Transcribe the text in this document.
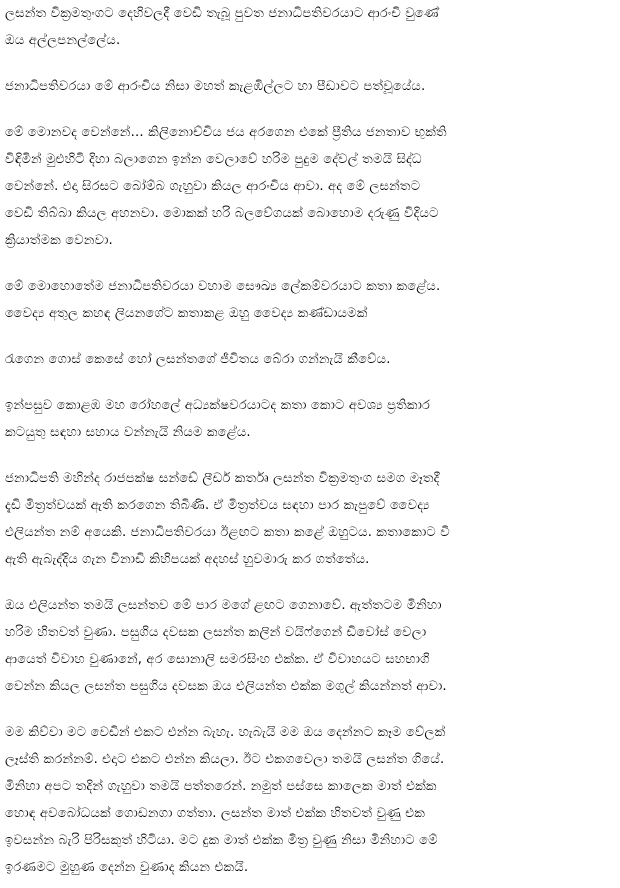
ලසන්ත වික්‍රමතුංගට දෙහිවලදී වෙඩි තැබූ පුවත ජනාධිපතිවරයාට ආරංචි වුණේ
ඔය අල්ලපනල්ලේය.
ජනාධිපතිවරයා මේ ආරංචිය නිසා මහත් කැළඹිල්ලට හා පීඩාවට පත්වූයේය.
මේ මොනවද වෙන්නේ… කිලිනොච්චිය ජය අරගෙන එකේ ප්‍රීතිය ජනතාව භුක්ති
විඳිමින් මුළුහිටි දිහා බලාගෙන ඉන්න වෙලාවේ හරිම පුදුම දේවල් තමයි සිද්ධ
වෙන්නේ. එදා සිරසට බෝම්බ ගැහුවා කියල ආරංචිය ආවා. අද මේ ලසන්තට
වෙඩි තිබ්බා කියල අහනවා. මොකක් හරි බලවේගයක් බොහොම දරුණු විදියට
ක්‍රියාත්මක වෙනවා.
මේ මොහොතේම ජනාධිපතිවරයා වහාම සෞඛ්‍ය ලේකම්වරයාට කතා කළේය.
වෛද්‍ය අතුල කහඳ ලියනගේට කතාකළ ඔහු වෛද්‍ය කණ්ඩායමක්
රැගෙන ගොස් කෙසේ හෝ ලසන්තගේ ජීවිතය බේරා ගන්නැයි කීවේය.
ඉන්පසුව කොළඹ මහ රෝහලේ අධ්‍යක්ෂවරයාටද කතා කොට අවශ්‍ය ප්‍රතිකාර
කටයුතු සඳහා සහාය වන්නැයි නියම කළේය.
ජනාධිපති මහින්ද රාජපක්ෂ සන්ඩේ ලීඩර් කර්තෘ ලසන්ත වික්‍රමතුංග සමග මෑතදී
දැඩි මිත්‍රත්වයක් ඇති කරගෙන තිබිණි. ඒ මිත්‍රත්වය සඳහා පාර කැපුවේ වෛද්‍ය
එලියන්ත නම් අයෙකි. ජනාධිපතිවරයා ඊළඟට කතා කළේ ඔහුටය. කතාකොට වී
ඇති ඇබැද්දිය ගැන විනාඩි කිහිපයක් අදහස් හුවමාරු කර ගත්තේය.
ඔය එලියන්ත තමයි ලසන්තව මේ පාර මගේ ළඟට ගෙනාවේ. ඇත්තටම මිනිහා
හරිම හිතවත් වුණා. පසුගිය දවසක ලසන්ත කලින් වයිෆ්ගෙන් ඩිවෝස් වෙලා
ආයෙත් විවාහ වුණානේ, අර සොනාලි සමරසිංහ එක්ක. ඒ විවාහයට සහභාගි
වෙන්න කියල ලසන්ත පසුගිය දවසක ඔය එලියන්ත එක්ක මගුල් කියන්නත් ආවා.
මම කිව්වා මට වෙඩින් එකට එන්න බැහැ. හැබැයි මම ඔය දෙන්නට කෑම වේලක්
ලෑස්ති කරන්නම්. එදාට එකට එන්න කියලා. ඊට එකගවෙලා තමයි ලසන්ත ගියේ.
මිනිහා අපට තදින් ගැහුවා තමයි පත්තරෙන්. නමුත් පස්සෙ කාලෙක මාත් එක්ක
හොඳ අවබෝධයක් ගොඩනගා ගත්තා. ලසන්ත මාත් එක්ක හිතවත් වුණු එක
ඉවසන්න බැරි පිරිසකුත් හිටියා. මට දුක මාත් එක්ක මිත්‍ර වුණු නිසා මිනිහාට මේ
ඉරණමට මුහුණ දෙන්න වුණාද කියන එකයි.
